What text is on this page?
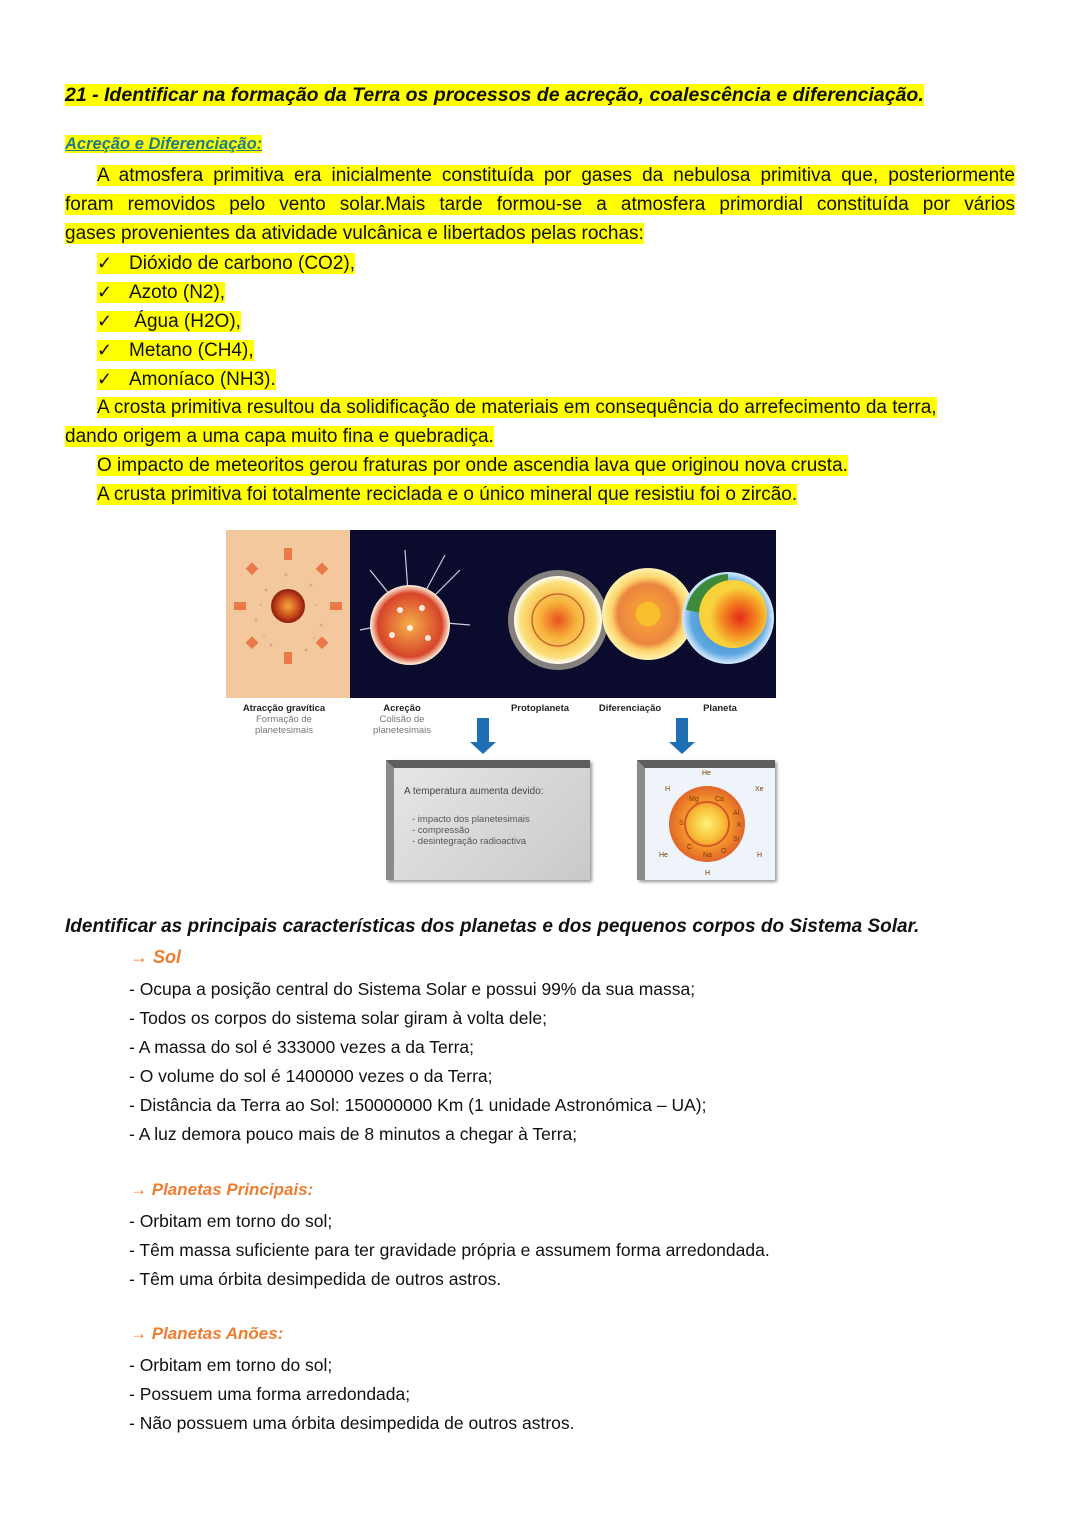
21 - Identificar na formação da Terra os processos de acreção, coalescência e diferenciação.
Acreção e Diferenciação:
A atmosfera primitiva era inicialmente constituída por gases da nebulosa primitiva que, posteriormente
foram removidos pelo vento solar.Mais tarde formou-se a atmosfera primordial constituída por vários
gases provenientes da atividade vulcânica e libertados pelas rochas:
✓ Dióxido de carbono (CO2),
✓ Azoto (N2),
✓ Água (H2O),
✓ Metano (CH4),
✓ Amoníaco (NH3).
A crosta primitiva resultou da solidificação de materiais em consequência do arrefecimento da terra,
dando origem a uma capa muito fina e quebradiça.
O impacto de meteoritos gerou fraturas por onde ascendia lava que originou nova crusta.
A crusta primitiva foi totalmente reciclada e o único mineral que resistiu foi o zircão.
Atracção gravítica
Formação de planetesimais
Acreção
Colisão de planetesimais
Protoplaneta	Diferenciação	Planeta
A temperatura aumenta devido:
- impacto dos planetesimais
- compressão
- desintegração radioactiva
He
H	Xe
He	H
H
Mg Ca
Al
K
Si
O
Na
C
S
Identificar as principais características dos planetas e dos pequenos corpos do Sistema Solar.
→ Sol
- Ocupa a posição central do Sistema Solar e possui 99% da sua massa;
- Todos os corpos do sistema solar giram à volta dele;
- A massa do sol é 333000 vezes a da Terra;
- O volume do sol é 1400000 vezes o da Terra;
- Distância da Terra ao Sol: 150000000 Km (1 unidade Astronómica – UA);
- A luz demora pouco mais de 8 minutos a chegar à Terra;
→ Planetas Principais:
- Orbitam em torno do sol;
- Têm massa suficiente para ter gravidade própria e assumem forma arredondada.
- Têm uma órbita desimpedida de outros astros.
→ Planetas Anões:
- Orbitam em torno do sol;
- Possuem uma forma arredondada;
- Não possuem uma órbita desimpedida de outros astros.
